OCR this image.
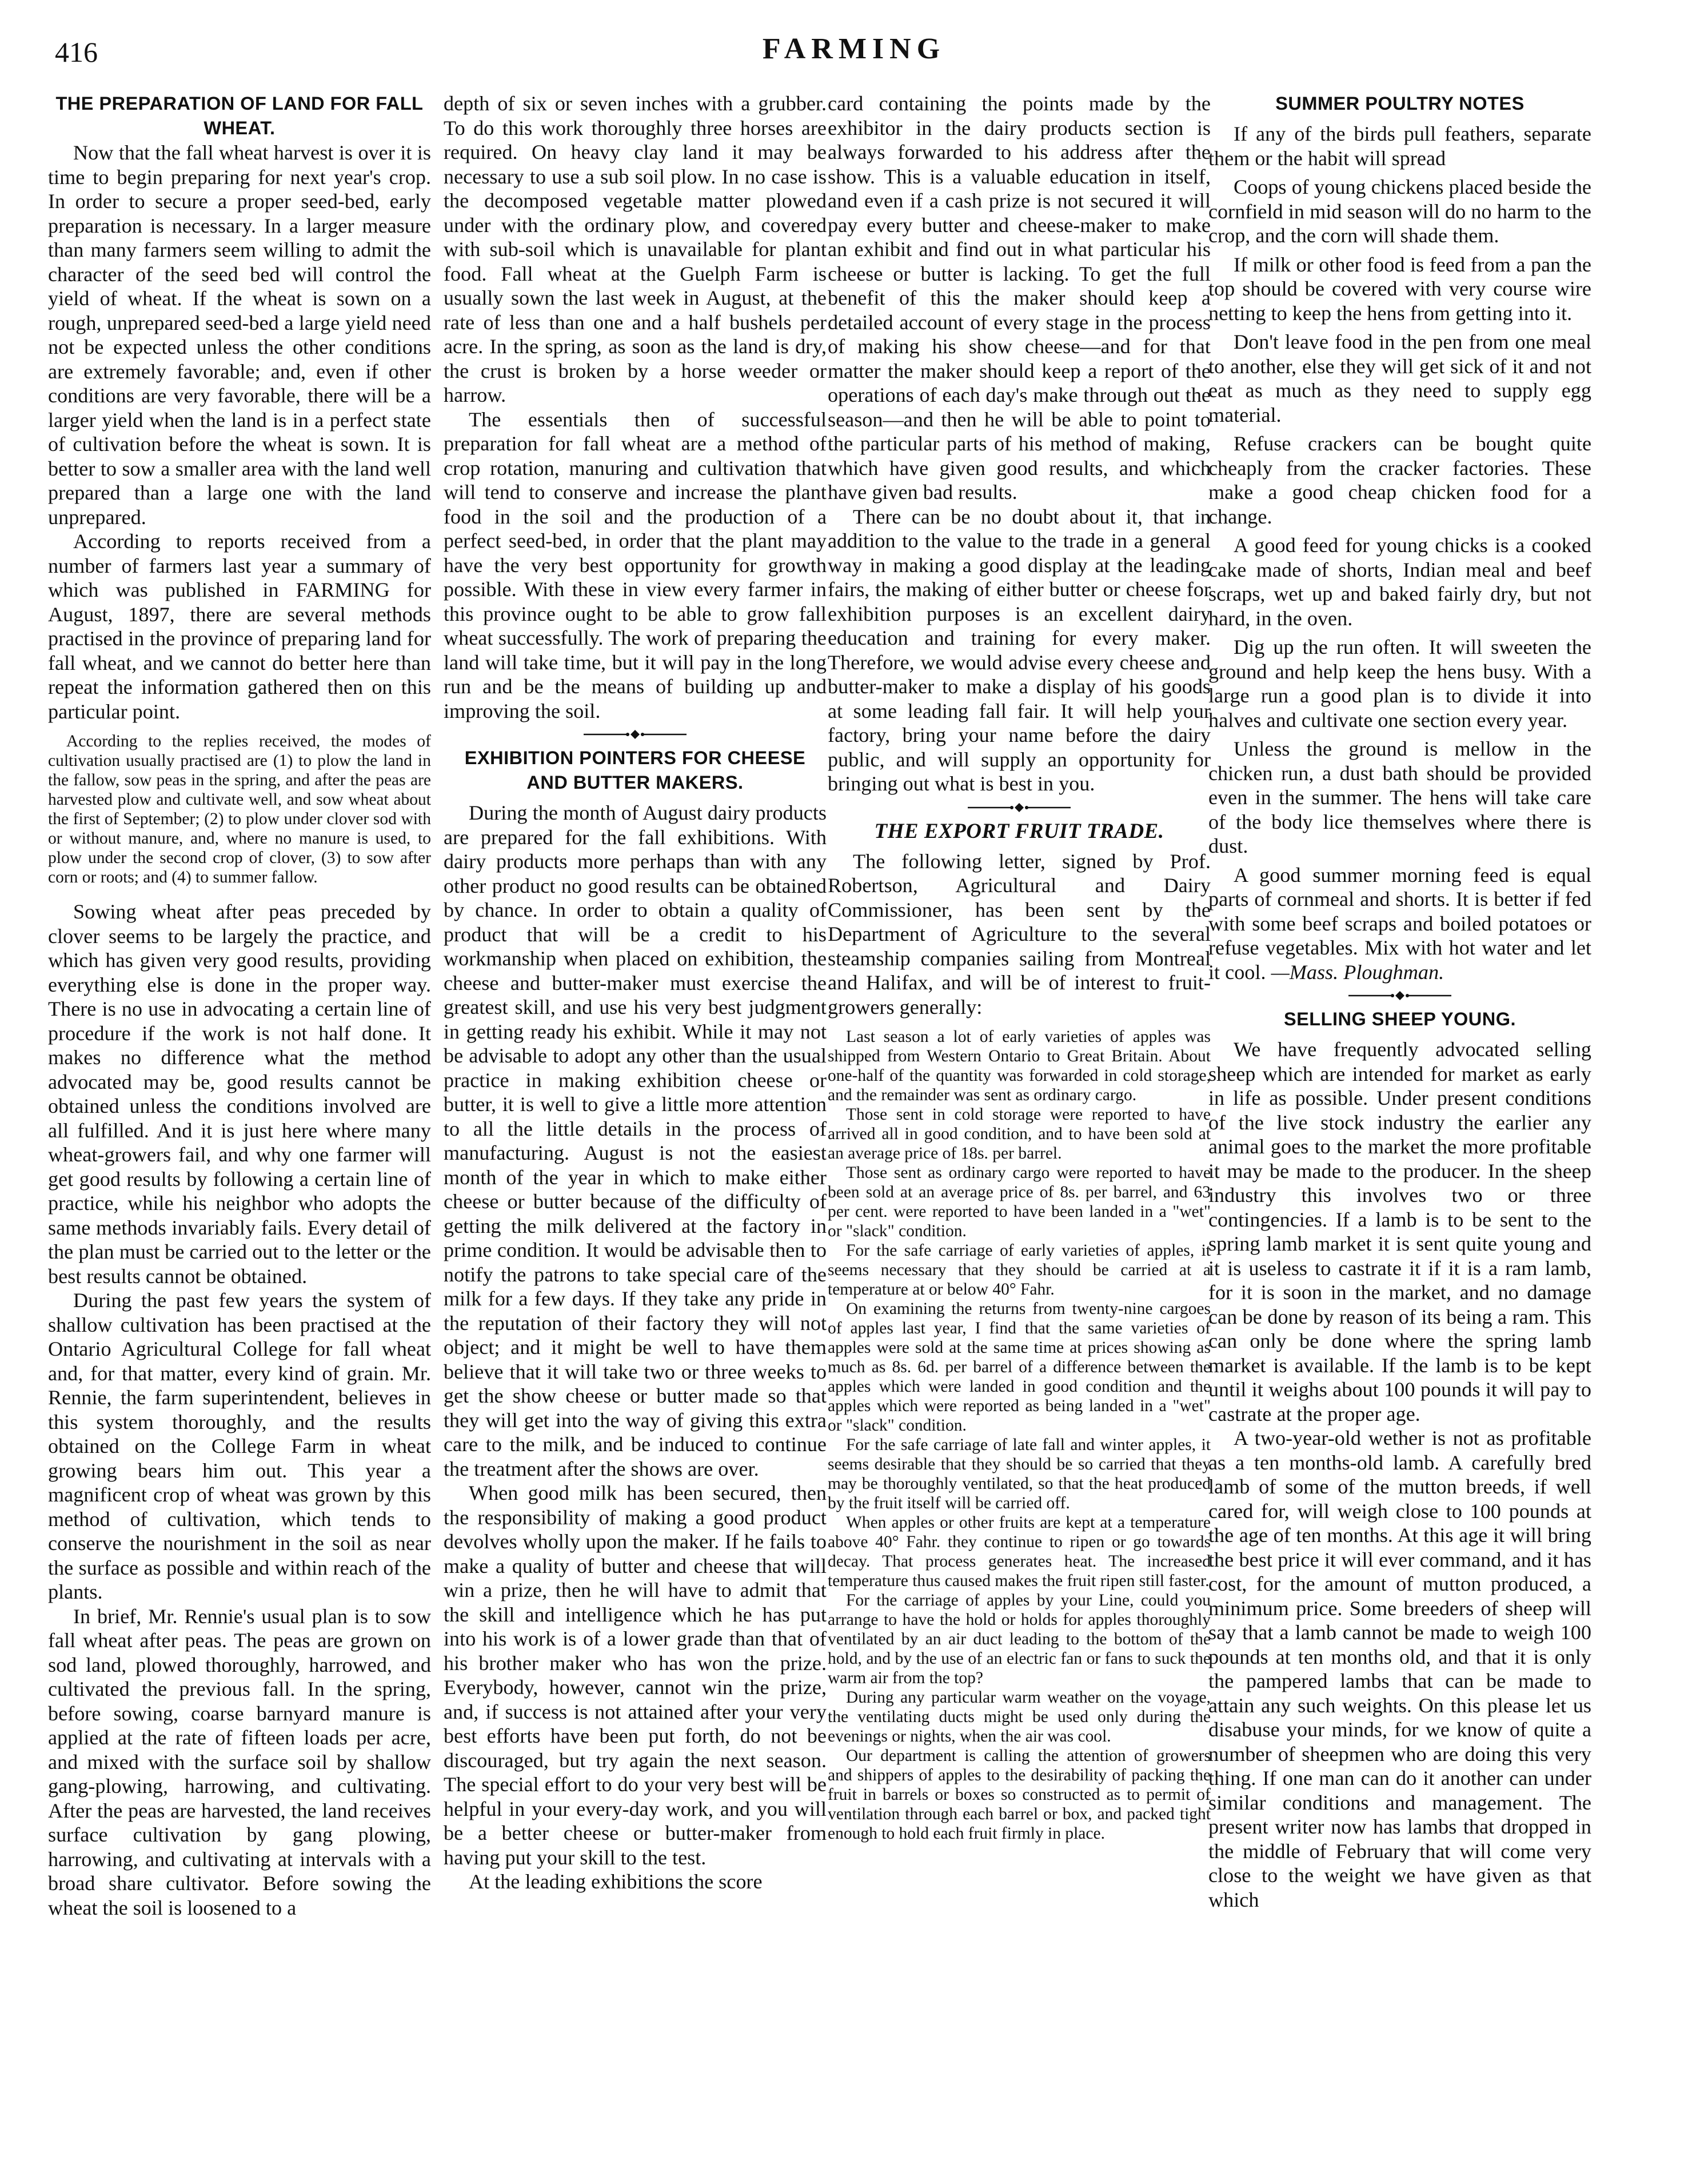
416	FARMING
THE PREPARATION OF LAND FOR FALL WHEAT.

Now that the fall wheat harvest is over it is time to begin preparing for next year's crop. In order to secure a proper seed-bed, early preparation is necessary. In a larger measure than many farmers seem willing to admit the character of the seed bed will control the yield of wheat. If the wheat is sown on a rough, unprepared seed-bed a large yield need not be expected unless the other conditions are extremely favorable; and, even if other conditions are very favorable, there will be a larger yield when the land is in a perfect state of cultivation before the wheat is sown. It is better to sow a smaller area with the land well prepared than a large one with the land unprepared.

According to reports received from a number of farmers last year a summary of which was published in FARMING for August, 1897, there are several methods practised in the province of preparing land for fall wheat, and we cannot do better here than repeat the information gathered then on this particular point.

According to the replies received, the modes of cultivation usually practised are (1) to plow the land in the fallow, sow peas in the spring, and after the peas are harvested plow and cultivate well, and sow wheat about the first of September; (2) to plow under clover sod with or without manure, and, where no manure is used, to plow under the second crop of clover, (3) to sow after corn or roots; and (4) to summer fallow.

Sowing wheat after peas preceded by clover seems to be largely the practice, and which has given very good results, providing everything else is done in the proper way. There is no use in advocating a certain line of procedure if the work is not half done. It makes no difference what the method advocated may be, good results cannot be obtained unless the conditions involved are all fulfilled. And it is just here where many wheat-growers fail, and why one farmer will get good results by following a certain line of practice, while his neighbor who adopts the same methods invariably fails. Every detail of the plan must be carried out to the letter or the best results cannot be obtained.

During the past few years the system of shallow cultivation has been practised at the Ontario Agricultural College for fall wheat and, for that matter, every kind of grain. Mr. Rennie, the farm superintendent, believes in this system thoroughly, and the results obtained on the College Farm in wheat growing bears him out. This year a magnificent crop of wheat was grown by this method of cultivation, which tends to conserve the nourishment in the soil as near the surface as possible and within reach of the plants.

In brief, Mr. Rennie's usual plan is to sow fall wheat after peas. The peas are grown on sod land, plowed thoroughly, harrowed, and cultivated the previous fall. In the spring, before sowing, coarse barnyard manure is applied at the rate of fifteen loads per acre, and mixed with the surface soil by shallow gang-plowing, harrowing, and cultivating. After the peas are harvested, the land receives surface cultivation by gang plowing, harrowing, and cultivating at intervals with a broad share cultivator. Before sowing the wheat the soil is loosened to a

depth of six or seven inches with a grubber. To do this work thoroughly three horses are required. On heavy clay land it may be necessary to use a sub soil plow. In no case is the decomposed vegetable matter plowed under with the ordinary plow, and covered with sub-soil which is unavailable for plant food. Fall wheat at the Guelph Farm is usually sown the last week in August, at the rate of less than one and a half bushels per acre. In the spring, as soon as the land is dry, the crust is broken by a horse weeder or harrow.

The essentials then of successful preparation for fall wheat are a method of crop rotation, manuring and cultivation that will tend to conserve and increase the plant food in the soil and the production of a perfect seed-bed, in order that the plant may have the very best opportunity for growth possible. With these in view every farmer in this province ought to be able to grow fall wheat successfully. The work of preparing the land will take time, but it will pay in the long run and be the means of building up and improving the soil.

EXHIBITION POINTERS FOR CHEESE AND BUTTER MAKERS.

During the month of August dairy products are prepared for the fall exhibitions. With dairy products more perhaps than with any other product no good results can be obtained by chance. In order to obtain a quality of product that will be a credit to his workmanship when placed on exhibition, the cheese and butter-maker must exercise the greatest skill, and use his very best judgment in getting ready his exhibit. While it may not be advisable to adopt any other than the usual practice in making exhibition cheese or butter, it is well to give a little more attention to all the little details in the process of manufacturing. August is not the easiest month of the year in which to make either cheese or butter because of the difficulty of getting the milk delivered at the factory in prime condition. It would be advisable then to notify the patrons to take special care of the milk for a few days. If they take any pride in the reputation of their factory they will not object; and it might be well to have them believe that it will take two or three weeks to get the show cheese or butter made so that they will get into the way of giving this extra care to the milk, and be induced to continue the treatment after the shows are over.

When good milk has been secured, then the responsibility of making a good product devolves wholly upon the maker. If he fails to make a quality of butter and cheese that will win a prize, then he will have to admit that the skill and intelligence which he has put into his work is of a lower grade than that of his brother maker who has won the prize. Everybody, however, cannot win the prize, and, if success is not attained after your very best efforts have been put forth, do not be discouraged, but try again the next season. The special effort to do your very best will be helpful in your every-day work, and you will be a better cheese or butter-maker from having put your skill to the test.

At the leading exhibitions the score

card containing the points made by the exhibitor in the dairy products section is always forwarded to his address after the show. This is a valuable education in itself, and even if a cash prize is not secured it will pay every butter and cheese-maker to make an exhibit and find out in what particular his cheese or butter is lacking. To get the full benefit of this the maker should keep a detailed account of every stage in the process of making his show cheese—and for that matter the maker should keep a report of the operations of each day's make through out the season—and then he will be able to point to the particular parts of his method of making, which have given good results, and which have given bad results.

There can be no doubt about it, that in addition to the value to the trade in a general way in making a good display at the leading fairs, the making of either butter or cheese for exhibition purposes is an excellent dairy education and training for every maker. Therefore, we would advise every cheese and butter-maker to make a display of his goods at some leading fall fair. It will help your factory, bring your name before the dairy public, and will supply an opportunity for bringing out what is best in you.

THE EXPORT FRUIT TRADE.

The following letter, signed by Prof. Robertson, Agricultural and Dairy Commissioner, has been sent by the Department of Agriculture to the several steamship companies sailing from Montreal and Halifax, and will be of interest to fruit-growers generally:

Last season a lot of early varieties of apples was shipped from Western Ontario to Great Britain. About one-half of the quantity was forwarded in cold storage, and the remainder was sent as ordinary cargo.

Those sent in cold storage were reported to have arrived all in good condition, and to have been sold at an average price of 18s. per barrel.

Those sent as ordinary cargo were reported to have been sold at an average price of 8s. per barrel, and 63 per cent. were reported to have been landed in a "wet" or "slack" condition.

For the safe carriage of early varieties of apples, it seems necessary that they should be carried at a temperature at or below 40° Fahr.

On examining the returns from twenty-nine cargoes of apples last year, I find that the same varieties of apples were sold at the same time at prices showing as much as 8s. 6d. per barrel of a difference between the apples which were landed in good condition and the apples which were reported as being landed in a "wet" or "slack" condition.

For the safe carriage of late fall and winter apples, it seems desirable that they should be so carried that they may be thoroughly ventilated, so that the heat produced by the fruit itself will be carried off.

When apples or other fruits are kept at a temperature above 40° Fahr. they continue to ripen or go towards decay. That process generates heat. The increased temperature thus caused makes the fruit ripen still faster.

For the carriage of apples by your Line, could you arrange to have the hold or holds for apples thoroughly ventilated by an air duct leading to the bottom of the hold, and by the use of an electric fan or fans to suck the warm air from the top?

During any particular warm weather on the voyage, the ventilating ducts might be used only during the evenings or nights, when the air was cool.

Our department is calling the attention of growers and shippers of apples to the desirability of packing the fruit in barrels or boxes so constructed as to permit of ventilation through each barrel or box, and packed tight enough to hold each fruit firmly in place.

SUMMER POULTRY NOTES

If any of the birds pull feathers, separate them or the habit will spread

Coops of young chickens placed beside the cornfield in mid season will do no harm to the crop, and the corn will shade them.

If milk or other food is feed from a pan the top should be covered with very course wire netting to keep the hens from getting into it.

Don't leave food in the pen from one meal to another, else they will get sick of it and not eat as much as they need to supply egg material.

Refuse crackers can be bought quite cheaply from the cracker factories. These make a good cheap chicken food for a change.

A good feed for young chicks is a cooked cake made of shorts, Indian meal and beef scraps, wet up and baked fairly dry, but not hard, in the oven.

Dig up the run often. It will sweeten the ground and help keep the hens busy. With a large run a good plan is to divide it into halves and cultivate one section every year.

Unless the ground is mellow in the chicken run, a dust bath should be provided even in the summer. The hens will take care of the body lice themselves where there is dust.

A good summer morning feed is equal parts of cornmeal and shorts. It is better if fed with some beef scraps and boiled potatoes or refuse vegetables. Mix with hot water and let it cool. —Mass. Ploughman.

SELLING SHEEP YOUNG.

We have frequently advocated selling sheep which are intended for market as early in life as possible. Under present conditions of the live stock industry the earlier any animal goes to the market the more profitable it may be made to the producer. In the sheep industry this involves two or three contingencies. If a lamb is to be sent to the spring lamb market it is sent quite young and it is useless to castrate it if it is a ram lamb, for it is soon in the market, and no damage can be done by reason of its being a ram. This can only be done where the spring lamb market is available. If the lamb is to be kept until it weighs about 100 pounds it will pay to castrate at the proper age.

A two-year-old wether is not as profitable as a ten months-old lamb. A carefully bred lamb of some of the mutton breeds, if well cared for, will weigh close to 100 pounds at the age of ten months. At this age it will bring the best price it will ever command, and it has cost, for the amount of mutton produced, a minimum price. Some breeders of sheep will say that a lamb cannot be made to weigh 100 pounds at ten months old, and that it is only the pampered lambs that can be made to attain any such weights. On this please let us disabuse your minds, for we know of quite a number of sheepmen who are doing this very thing. If one man can do it another can under similar conditions and management. The present writer now has lambs that dropped in the middle of February that will come very close to the weight we have given as that which
